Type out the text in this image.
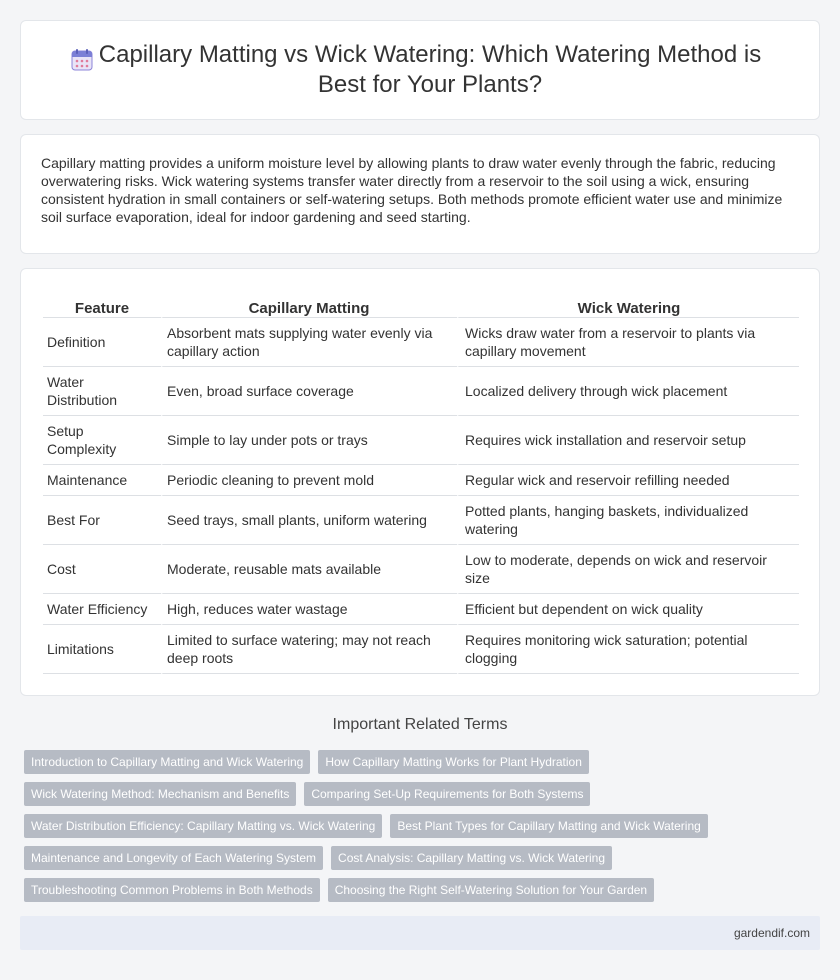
Capillary Matting vs Wick Watering: Which Watering Method is Best for Your Plants?

Capillary matting provides a uniform moisture level by allowing plants to draw water evenly through the fabric, reducing overwatering risks. Wick watering systems transfer water directly from a reservoir to the soil using a wick, ensuring consistent hydration in small containers or self-watering setups. Both methods promote efficient water use and minimize soil surface evaporation, ideal for indoor gardening and seed starting.

Feature	Capillary Matting	Wick Watering
Definition	Absorbent mats supplying water evenly via capillary action	Wicks draw water from a reservoir to plants via capillary movement
Water Distribution	Even, broad surface coverage	Localized delivery through wick placement
Setup Complexity	Simple to lay under pots or trays	Requires wick installation and reservoir setup
Maintenance	Periodic cleaning to prevent mold	Regular wick and reservoir refilling needed
Best For	Seed trays, small plants, uniform watering	Potted plants, hanging baskets, individualized watering
Cost	Moderate, reusable mats available	Low to moderate, depends on wick and reservoir size
Water Efficiency	High, reduces water wastage	Efficient but dependent on wick quality
Limitations	Limited to surface watering; may not reach deep roots	Requires monitoring wick saturation; potential clogging
Important Related Terms
Introduction to Capillary Matting and Wick Watering	How Capillary Matting Works for Plant Hydration
Wick Watering Method: Mechanism and Benefits	Comparing Set-Up Requirements for Both Systems
Water Distribution Efficiency: Capillary Matting vs. Wick Watering	Best Plant Types for Capillary Matting and Wick Watering
Maintenance and Longevity of Each Watering System	Cost Analysis: Capillary Matting vs. Wick Watering
Troubleshooting Common Problems in Both Methods	Choosing the Right Self-Watering Solution for Your Garden
gardendif.com
